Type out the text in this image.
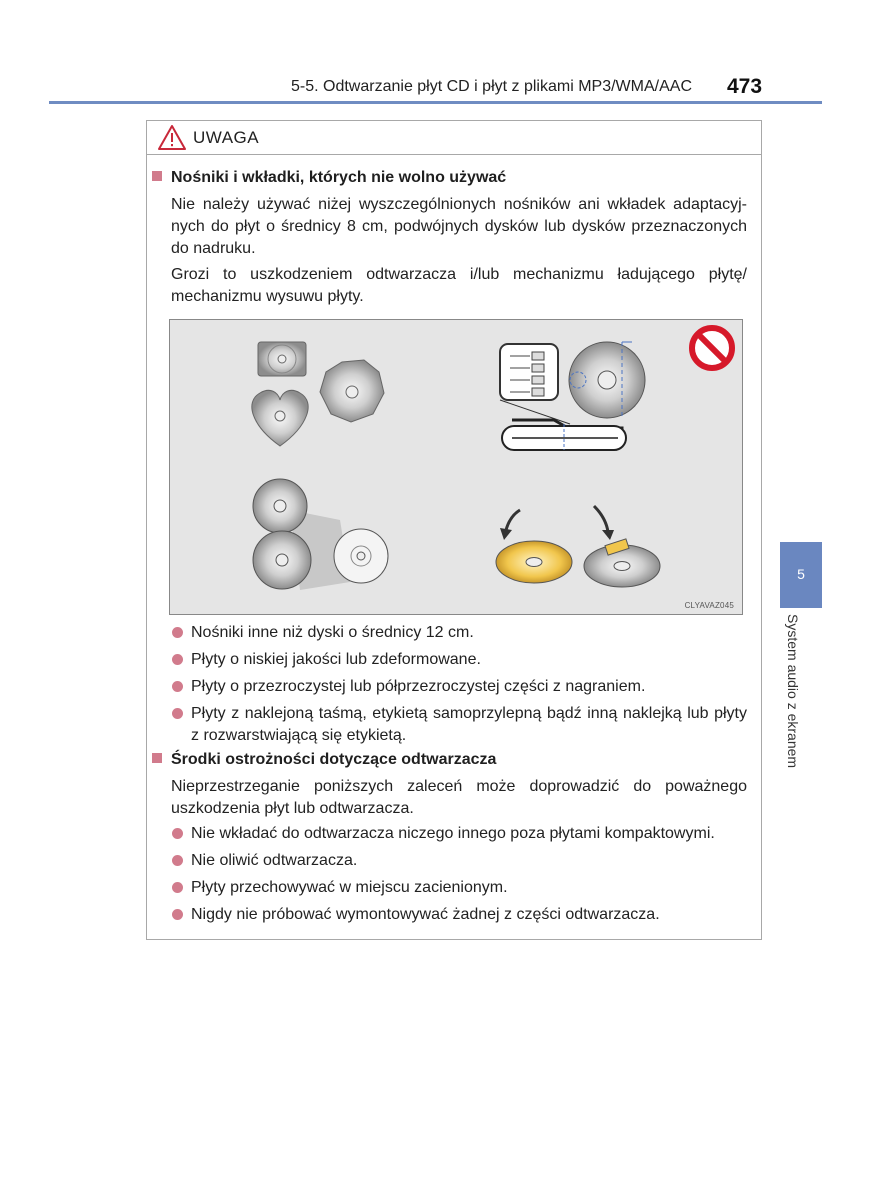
5-5. Odtwarzanie płyt CD i płyt z plikami MP3/WMA/AAC 473
5
System audio z ekranem
UWAGA
Nośniki i wkładki, których nie wolno używać
Nie należy używać niżej wyszczególnionych nośników ani wkładek adaptacyj-nych do płyt o średnicy 8 cm, podwójnych dysków lub dysków przeznaczonych do nadruku.
Grozi to uszkodzeniem odtwarzacza i/lub mechanizmu ładującego płytę/ mechanizmu wysuwu płyty.
CLYAVAZ045
Nośniki inne niż dyski o średnicy 12 cm.
Płyty o niskiej jakości lub zdeformowane.
Płyty o przezroczystej lub półprzezroczystej części z nagraniem.
Płyty z naklejoną taśmą, etykietą samoprzylepną bądź inną naklejką lub płyty z rozwarstwiającą się etykietą.
Środki ostrożności dotyczące odtwarzacza
Nieprzestrzeganie poniższych zaleceń może doprowadzić do poważnego uszkodzenia płyt lub odtwarzacza.
Nie wkładać do odtwarzacza niczego innego poza płytami kompaktowymi.
Nie oliwić odtwarzacza.
Płyty przechowywać w miejscu zacienionym.
Nigdy nie próbować wymontowywać żadnej z części odtwarzacza.
